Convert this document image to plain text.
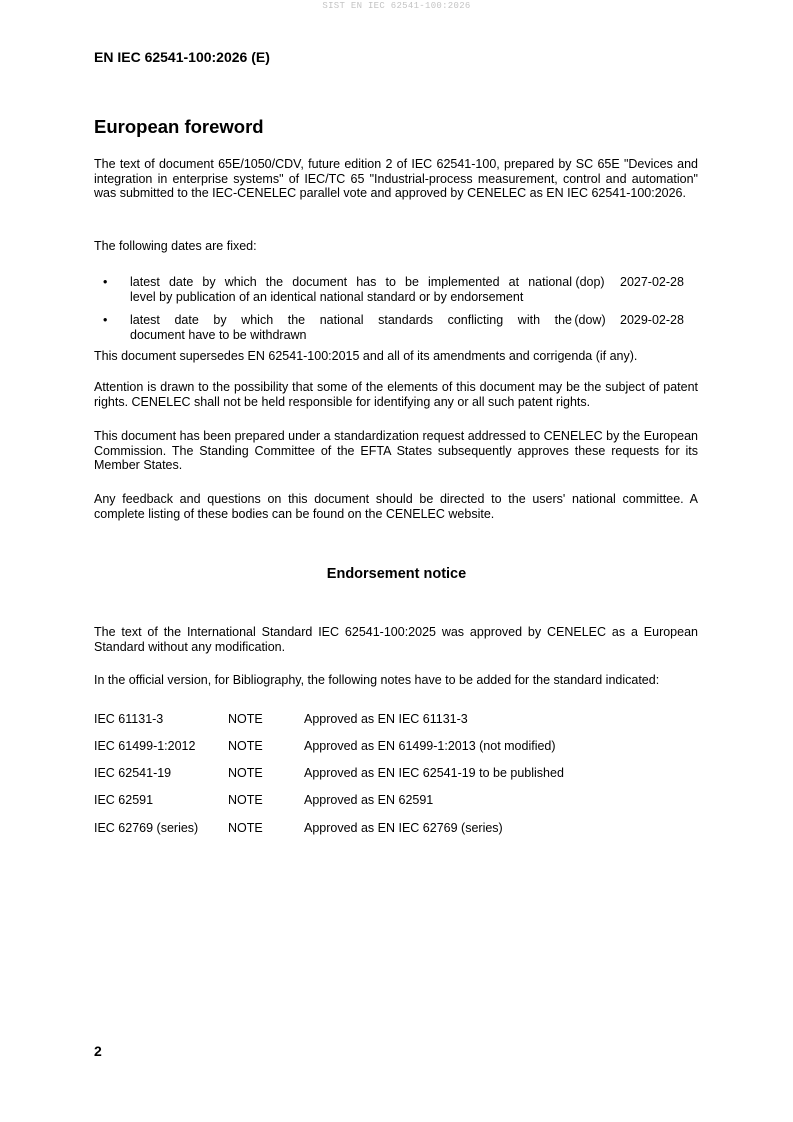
SIST EN IEC 62541-100:2026
EN IEC 62541-100:2026 (E)
European foreword

The text of document 65E/1050/CDV, future edition 2 of IEC 62541-100, prepared by SC 65E "Devices and integration in enterprise systems" of IEC/TC 65 "Industrial-process measurement, control and automation" was submitted to the IEC-CENELEC parallel vote and approved by CENELEC as EN IEC 62541-100:2026.

The following dates are fixed:

• latest date by which the document has to be implemented at national
level by publication of an identical national standard or by endorsement
(dop) 2027-02-28
• latest date by which the national standards conflicting with the
document have to be withdrawn
(dow) 2029-02-28

This document supersedes EN 62541-100:2015 and all of its amendments and corrigenda (if any).

Attention is drawn to the possibility that some of the elements of this document may be the subject of patent rights. CENELEC shall not be held responsible for identifying any or all such patent rights.

This document has been prepared under a standardization request addressed to CENELEC by the European Commission. The Standing Committee of the EFTA States subsequently approves these requests for its Member States.

Any feedback and questions on this document should be directed to the users' national committee. A complete listing of these bodies can be found on the CENELEC website.

Endorsement notice

The text of the International Standard IEC 62541-100:2025 was approved by CENELEC as a European Standard without any modification.

In the official version, for Bibliography, the following notes have to be added for the standard indicated:

IEC 61131-3	NOTE	Approved as EN IEC 61131-3
IEC 61499-1:2012	NOTE	Approved as EN 61499-1:2013 (not modified)
IEC 62541-19	NOTE	Approved as EN IEC 62541-19 to be published
IEC 62591	NOTE	Approved as EN 62591
IEC 62769 (series) NOTE	Approved as EN IEC 62769 (series)
2
